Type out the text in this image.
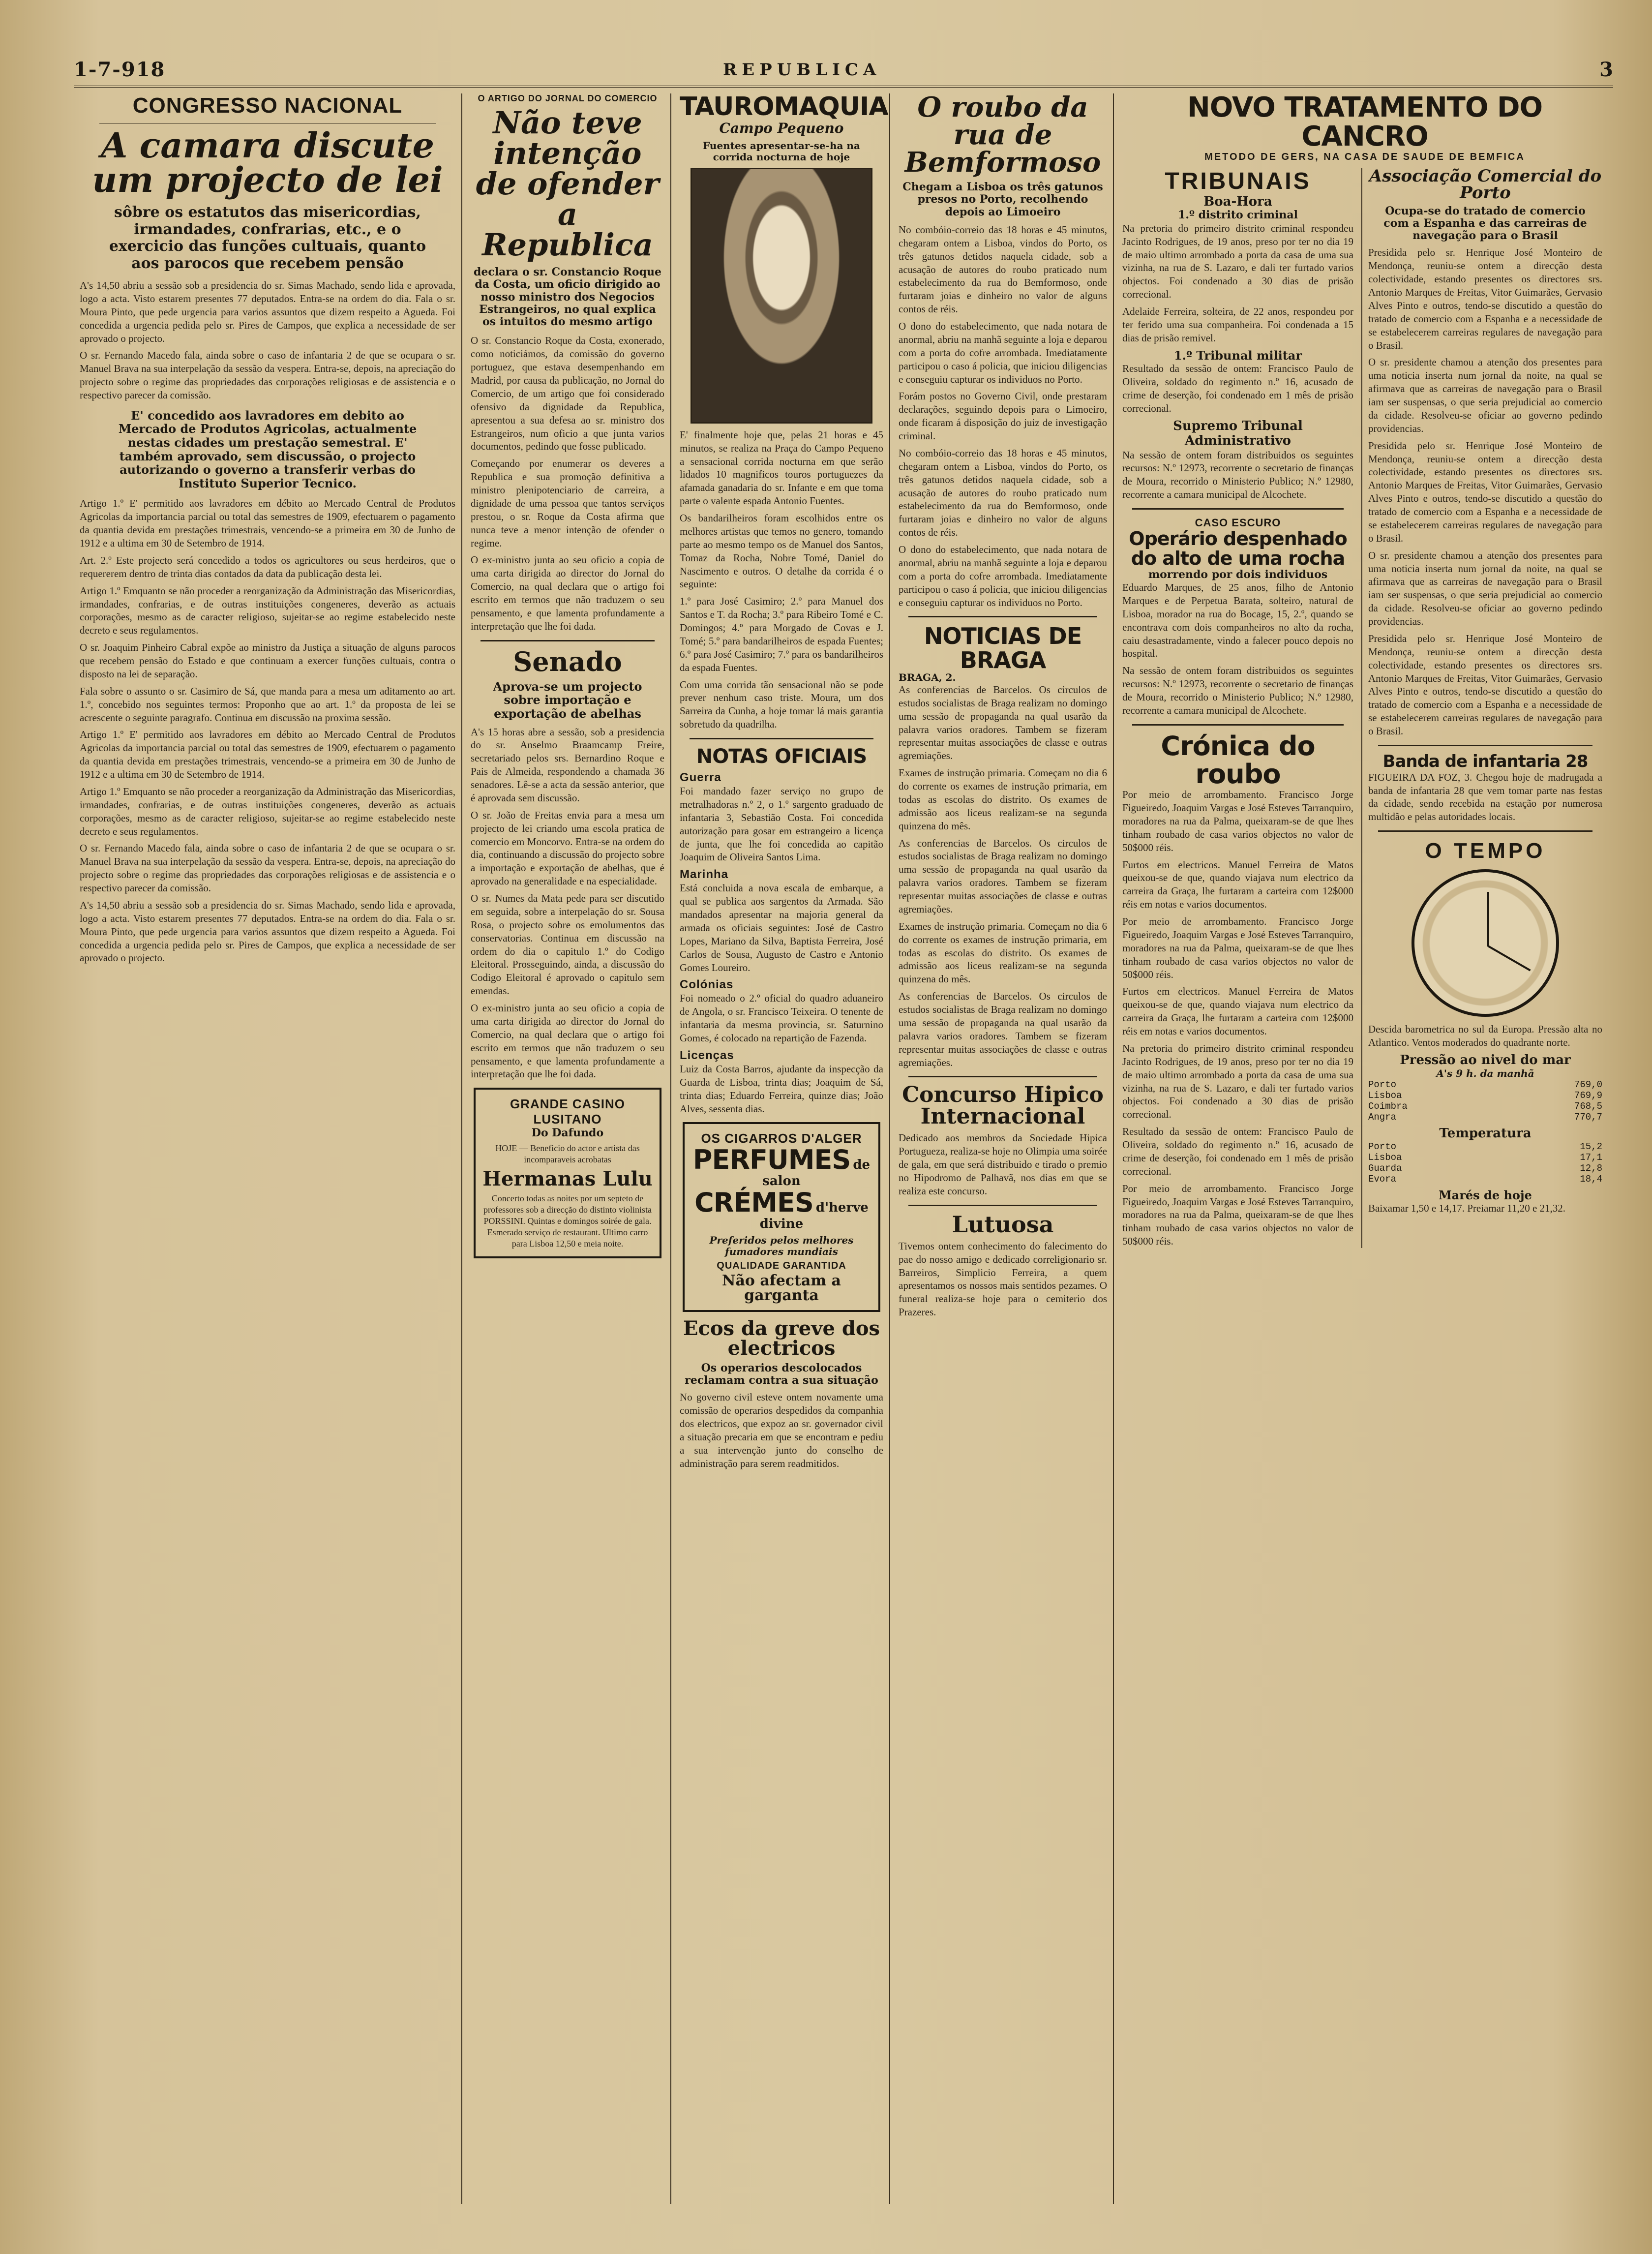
1-7-918	REPUBLICA	3
CONGRESSO NACIONAL
A camara discute um projecto de lei
sôbre os estatutos das misericordias, irmandades, confrarias, etc., e o exercicio das funções cultuais, quanto aos parocos que recebem pensão
A's 14,50 abriu a sessão sob a presidencia do sr. Simas Machado, sendo lida e aprovada, logo a acta. Visto estarem presentes 77 deputados. Entra-se na ordem do dia. Fala o sr. Moura Pinto, que pede urgencia para varios assuntos que dizem respeito a Agueda. Foi concedida a urgencia pedida pelo sr. Pires de Campos, que explica a necessidade de ser aprovado o projecto.
O sr. Fernando Macedo fala, ainda sobre o caso de infantaria 2 de que se ocupara o sr. Manuel Brava na sua interpelação da sessão da vespera. Entra-se, depois, na apreciação do projecto sobre o regime das propriedades das corporações religiosas e de assistencia e o respectivo parecer da comissão.
E' concedido aos lavradores em debito ao Mercado de Produtos Agricolas, actualmente nestas cidades um prestação semestral. E' também aprovado, sem discussão, o projecto autorizando o governo a transferir verbas do Instituto Superior Tecnico.
Artigo 1.º E' permitido aos lavradores em débito ao Mercado Central de Produtos Agricolas da importancia parcial ou total das semestres de 1909, efectuarem o pagamento da quantia devida em prestações trimestrais, vencendo-se a primeira em 30 de Junho de 1912 e a ultima em 30 de Setembro de 1914.
Art. 2.º Este projecto será concedido a todos os agricultores ou seus herdeiros, que o requererem dentro de trinta dias contados da data da publicação desta lei.
Artigo 1.º Emquanto se não proceder a reorganização da Administração das Misericordias, irmandades, confrarias, e de outras instituições congeneres, deverão as actuais corporações, mesmo as de caracter religioso, sujeitar-se ao regime estabelecido neste decreto e seus regulamentos.
O sr. Joaquim Pinheiro Cabral expõe ao ministro da Justiça a situação de alguns parocos que recebem pensão do Estado e que continuam a exercer funções cultuais, contra o disposto na lei de separação.
Fala sobre o assunto o sr. Casimiro de Sá, que manda para a mesa um aditamento ao art. 1.º, concebido nos seguintes termos: Proponho que ao art. 1.º da proposta de lei se acrescente o seguinte paragrafo. Continua em discussão na proxima sessão.
Artigo 1.º E' permitido aos lavradores em débito ao Mercado Central de Produtos Agricolas da importancia parcial ou total das semestres de 1909, efectuarem o pagamento da quantia devida em prestações trimestrais, vencendo-se a primeira em 30 de Junho de 1912 e a ultima em 30 de Setembro de 1914.
Artigo 1.º Emquanto se não proceder a reorganização da Administração das Misericordias, irmandades, confrarias, e de outras instituições congeneres, deverão as actuais corporações, mesmo as de caracter religioso, sujeitar-se ao regime estabelecido neste decreto e seus regulamentos.
O sr. Fernando Macedo fala, ainda sobre o caso de infantaria 2 de que se ocupara o sr. Manuel Brava na sua interpelação da sessão da vespera. Entra-se, depois, na apreciação do projecto sobre o regime das propriedades das corporações religiosas e de assistencia e o respectivo parecer da comissão.
A's 14,50 abriu a sessão sob a presidencia do sr. Simas Machado, sendo lida e aprovada, logo a acta. Visto estarem presentes 77 deputados. Entra-se na ordem do dia. Fala o sr. Moura Pinto, que pede urgencia para varios assuntos que dizem respeito a Agueda. Foi concedida a urgencia pedida pelo sr. Pires de Campos, que explica a necessidade de ser aprovado o projecto.
O ARTIGO DO JORNAL DO COMERCIO
Não teve intenção de ofender a Republica
declara o sr. Constancio Roque da Costa, um oficio dirigido ao nosso ministro dos Negocios Estrangeiros, no qual explica os intuitos do mesmo artigo
O sr. Constancio Roque da Costa, exonerado, como noticiámos, da comissão do governo portuguez, que estava desempenhando em Madrid, por causa da publicação, no Jornal do Comercio, de um artigo que foi considerado ofensivo da dignidade da Republica, apresentou a sua defesa ao sr. ministro dos Estrangeiros, num oficio a que junta varios documentos, pedindo que fosse publicado.
Começando por enumerar os deveres a Republica e sua promoção definitiva a ministro plenipotenciario de carreira, a dignidade de uma pessoa que tantos serviços prestou, o sr. Roque da Costa afirma que nunca teve a menor intenção de ofender o regime.
O ex-ministro junta ao seu oficio a copia de uma carta dirigida ao director do Jornal do Comercio, na qual declara que o artigo foi escrito em termos que não traduzem o seu pensamento, e que lamenta profundamente a interpretação que lhe foi dada.
Senado
Aprova-se um projecto sobre importação e exportação de abelhas
A's 15 horas abre a sessão, sob a presidencia do sr. Anselmo Braamcamp Freire, secretariado pelos srs. Bernardino Roque e Pais de Almeida, respondendo a chamada 36 senadores. Lê-se a acta da sessão anterior, que é aprovada sem discussão.
O sr. João de Freitas envia para a mesa um projecto de lei criando uma escola pratica de comercio em Moncorvo. Entra-se na ordem do dia, continuando a discussão do projecto sobre a importação e exportação de abelhas, que é aprovado na generalidade e na especialidade.
O sr. Numes da Mata pede para ser discutido em seguida, sobre a interpelação do sr. Sousa Rosa, o projecto sobre os emolumentos das conservatorias. Continua em discussão na ordem do dia o capitulo 1.º do Codigo Eleitoral. Prosseguindo, ainda, a discussão do Codigo Eleitoral é aprovado o capitulo sem emendas.
O ex-ministro junta ao seu oficio a copia de uma carta dirigida ao director do Jornal do Comercio, na qual declara que o artigo foi escrito em termos que não traduzem o seu pensamento, e que lamenta profundamente a interpretação que lhe foi dada.
GRANDE CASINO LUSITANO
Do Dafundo
HOJE — Beneficio do actor e artista das incomparaveis acrobatas
Hermanas Lulu
Concerto todas as noites por um septeto de professores sob a direcção do distinto violinista PORSSINI. Quintas e domingos soirée de gala. Esmerado serviço de restaurant. Ultimo carro para Lisboa 12,50 e meia noite.
TAUROMAQUIA
Campo Pequeno
Fuentes apresentar-se-ha na corrida nocturna de hoje
E' finalmente hoje que, pelas 21 horas e 45 minutos, se realiza na Praça do Campo Pequeno a sensacional corrida nocturna em que serão lidados 10 magnificos touros portuguezes da afamada ganadaria do sr. Infante e em que toma parte o valente espada Antonio Fuentes.
Os bandarilheiros foram escolhidos entre os melhores artistas que temos no genero, tomando parte ao mesmo tempo os de Manuel dos Santos, Tomaz da Rocha, Nobre Tomé, Daniel do Nascimento e outros. O detalhe da corrida é o seguinte:
1.º para José Casimiro; 2.º para Manuel dos Santos e T. da Rocha; 3.º para Ribeiro Tomé e C. Domingos; 4.º para Morgado de Covas e J. Tomé; 5.º para bandarilheiros de espada Fuentes; 6.º para José Casimiro; 7.º para os bandarilheiros da espada Fuentes.
Com uma corrida tão sensacional não se pode prever nenhum caso triste. Moura, um dos Sarreira da Cunha, a hoje tomar lá mais garantia sobretudo da quadrilha.
NOTAS OFICIAIS
Guerra
Foi mandado fazer serviço no grupo de metralhadoras n.º 2, o 1.º sargento graduado de infantaria 3, Sebastião Costa. Foi concedida autorização para gosar em estrangeiro a licença de junta, que lhe foi concedida ao capitão Joaquim de Oliveira Santos Lima.
Marinha
Está concluida a nova escala de embarque, a qual se publica aos sargentos da Armada. São mandados apresentar na majoria general da armada os oficiais seguintes: José de Castro Lopes, Mariano da Silva, Baptista Ferreira, José Carlos de Sousa, Augusto de Castro e Antonio Gomes Loureiro.
Colónias
Foi nomeado o 2.º oficial do quadro aduaneiro de Angola, o sr. Francisco Teixeira. O tenente de infantaria da mesma provincia, sr. Saturnino Gomes, é colocado na repartição de Fazenda.
Licenças
Luiz da Costa Barros, ajudante da inspecção da Guarda de Lisboa, trinta dias; Joaquim de Sá, trinta dias; Eduardo Ferreira, quinze dias; João Alves, sessenta dias.
OS CIGARROS D'ALGER
PERFUMES de salon
CRÉMES d'herve divine
Preferidos pelos melhores fumadores mundiais
QUALIDADE GARANTIDA
Não afectam a garganta
Ecos da greve dos electricos
Os operarios descolocados reclamam contra a sua situação
No governo civil esteve ontem novamente uma comissão de operarios despedidos da companhia dos electricos, que expoz ao sr. governador civil a situação precaria em que se encontram e pediu a sua intervenção junto do conselho de administração para serem readmitidos.
O roubo da rua de Bemformoso
Chegam a Lisboa os três gatunos presos no Porto, recolhendo depois ao Limoeiro
No combóio-correio das 18 horas e 45 minutos, chegaram ontem a Lisboa, vindos do Porto, os três gatunos detidos naquela cidade, sob a acusação de autores do roubo praticado num estabelecimento da rua do Bemformoso, onde furtaram joias e dinheiro no valor de alguns contos de réis.
O dono do estabelecimento, que nada notara de anormal, abriu na manhã seguinte a loja e deparou com a porta do cofre arrombada. Imediatamente participou o caso á policia, que iniciou diligencias e conseguiu capturar os individuos no Porto.
Forám postos no Governo Civil, onde prestaram declarações, seguindo depois para o Limoeiro, onde ficaram á disposição do juiz de investigação criminal.
No combóio-correio das 18 horas e 45 minutos, chegaram ontem a Lisboa, vindos do Porto, os três gatunos detidos naquela cidade, sob a acusação de autores do roubo praticado num estabelecimento da rua do Bemformoso, onde furtaram joias e dinheiro no valor de alguns contos de réis.
O dono do estabelecimento, que nada notara de anormal, abriu na manhã seguinte a loja e deparou com a porta do cofre arrombada. Imediatamente participou o caso á policia, que iniciou diligencias e conseguiu capturar os individuos no Porto.
NOTICIAS DE BRAGA
BRAGA, 2.
As conferencias de Barcelos. Os circulos de estudos socialistas de Braga realizam no domingo uma sessão de propaganda na qual usarão da palavra varios oradores. Tambem se fizeram representar muitas associações de classe e outras agremiações.
Exames de instrução primaria. Começam no dia 6 do corrente os exames de instrução primaria, em todas as escolas do distrito. Os exames de admissão aos liceus realizam-se na segunda quinzena do mês.
As conferencias de Barcelos. Os circulos de estudos socialistas de Braga realizam no domingo uma sessão de propaganda na qual usarão da palavra varios oradores. Tambem se fizeram representar muitas associações de classe e outras agremiações.
Exames de instrução primaria. Começam no dia 6 do corrente os exames de instrução primaria, em todas as escolas do distrito. Os exames de admissão aos liceus realizam-se na segunda quinzena do mês.
As conferencias de Barcelos. Os circulos de estudos socialistas de Braga realizam no domingo uma sessão de propaganda na qual usarão da palavra varios oradores. Tambem se fizeram representar muitas associações de classe e outras agremiações.
Concurso Hipico Internacional
Dedicado aos membros da Sociedade Hipica Portugueza, realiza-se hoje no Olimpia uma soirée de gala, em que será distribuido e tirado o premio no Hipodromo de Palhavã, nos dias em que se realiza este concurso.
Lutuosa
Tivemos ontem conhecimento do falecimento do pae do nosso amigo e dedicado correligionario sr. Barreiros, Simplicio Ferreira, a quem apresentamos os nossos mais sentidos pezames. O funeral realiza-se hoje para o cemiterio dos Prazeres.
NOVO TRATAMENTO DO CANCRO
METODO DE GERS, NA CASA DE SAUDE DE BEMFICA
TRIBUNAIS
Boa-Hora
1.º distrito criminal
Na pretoria do primeiro distrito criminal respondeu Jacinto Rodrigues, de 19 anos, preso por ter no dia 19 de maio ultimo arrombado a porta da casa de uma sua vizinha, na rua de S. Lazaro, e dali ter furtado varios objectos. Foi condenado a 30 dias de prisão correcional.
Adelaide Ferreira, solteira, de 22 anos, respondeu por ter ferido uma sua companheira. Foi condenada a 15 dias de prisão remivel.
1.º Tribunal militar
Resultado da sessão de ontem: Francisco Paulo de Oliveira, soldado do regimento n.º 16, acusado de crime de deserção, foi condenado em 1 mês de prisão correcional.
Supremo Tribunal Administrativo
Na sessão de ontem foram distribuidos os seguintes recursos: N.º 12973, recorrente o secretario de finanças de Moura, recorrido o Ministerio Publico; N.º 12980, recorrente a camara municipal de Alcochete.
CASO ESCURO
Operário despenhado do alto de uma rocha
morrendo por dois individuos
Eduardo Marques, de 25 anos, filho de Antonio Marques e de Perpetua Barata, solteiro, natural de Lisboa, morador na rua do Bocage, 15, 2.º, quando se encontrava com dois companheiros no alto da rocha, caiu desastradamente, vindo a falecer pouco depois no hospital.
Na sessão de ontem foram distribuidos os seguintes recursos: N.º 12973, recorrente o secretario de finanças de Moura, recorrido o Ministerio Publico; N.º 12980, recorrente a camara municipal de Alcochete.
Crónica do roubo
Por meio de arrombamento. Francisco Jorge Figueiredo, Joaquim Vargas e José Esteves Tarranquiro, moradores na rua da Palma, queixaram-se de que lhes tinham roubado de casa varios objectos no valor de 50$000 réis.
Furtos em electricos. Manuel Ferreira de Matos queixou-se de que, quando viajava num electrico da carreira da Graça, lhe furtaram a carteira com 12$000 réis em notas e varios documentos.
Por meio de arrombamento. Francisco Jorge Figueiredo, Joaquim Vargas e José Esteves Tarranquiro, moradores na rua da Palma, queixaram-se de que lhes tinham roubado de casa varios objectos no valor de 50$000 réis.
Furtos em electricos. Manuel Ferreira de Matos queixou-se de que, quando viajava num electrico da carreira da Graça, lhe furtaram a carteira com 12$000 réis em notas e varios documentos.
Na pretoria do primeiro distrito criminal respondeu Jacinto Rodrigues, de 19 anos, preso por ter no dia 19 de maio ultimo arrombado a porta da casa de uma sua vizinha, na rua de S. Lazaro, e dali ter furtado varios objectos. Foi condenado a 30 dias de prisão correcional.
Resultado da sessão de ontem: Francisco Paulo de Oliveira, soldado do regimento n.º 16, acusado de crime de deserção, foi condenado em 1 mês de prisão correcional.
Por meio de arrombamento. Francisco Jorge Figueiredo, Joaquim Vargas e José Esteves Tarranquiro, moradores na rua da Palma, queixaram-se de que lhes tinham roubado de casa varios objectos no valor de 50$000 réis.
Associação Comercial do Porto
Ocupa-se do tratado de comercio com a Espanha e das carreiras de navegação para o Brasil
Presidida pelo sr. Henrique José Monteiro de Mendonça, reuniu-se ontem a direcção desta colectividade, estando presentes os directores srs. Antonio Marques de Freitas, Vitor Guimarães, Gervasio Alves Pinto e outros, tendo-se discutido a questão do tratado de comercio com a Espanha e a necessidade de se estabelecerem carreiras regulares de navegação para o Brasil.
O sr. presidente chamou a atenção dos presentes para uma noticia inserta num jornal da noite, na qual se afirmava que as carreiras de navegação para o Brasil iam ser suspensas, o que seria prejudicial ao comercio da cidade. Resolveu-se oficiar ao governo pedindo providencias.
Presidida pelo sr. Henrique José Monteiro de Mendonça, reuniu-se ontem a direcção desta colectividade, estando presentes os directores srs. Antonio Marques de Freitas, Vitor Guimarães, Gervasio Alves Pinto e outros, tendo-se discutido a questão do tratado de comercio com a Espanha e a necessidade de se estabelecerem carreiras regulares de navegação para o Brasil.
O sr. presidente chamou a atenção dos presentes para uma noticia inserta num jornal da noite, na qual se afirmava que as carreiras de navegação para o Brasil iam ser suspensas, o que seria prejudicial ao comercio da cidade. Resolveu-se oficiar ao governo pedindo providencias.
Presidida pelo sr. Henrique José Monteiro de Mendonça, reuniu-se ontem a direcção desta colectividade, estando presentes os directores srs. Antonio Marques de Freitas, Vitor Guimarães, Gervasio Alves Pinto e outros, tendo-se discutido a questão do tratado de comercio com a Espanha e a necessidade de se estabelecerem carreiras regulares de navegação para o Brasil.
Banda de infantaria 28
FIGUEIRA DA FOZ, 3. Chegou hoje de madrugada a banda de infantaria 28 que vem tomar parte nas festas da cidade, sendo recebida na estação por numerosa multidão e pelas autoridades locais.
O TEMPO
Descida barometrica no sul da Europa. Pressão alta no Atlantico. Ventos moderados do quadrante norte.
Pressão ao nivel do mar
A's 9 h. da manhã
Porto	769,0
Lisboa	769,9
Coimbra	768,5
Angra	770,7
Temperatura
Porto	15,2
Lisboa	17,1
Guarda	12,8
Evora	18,4
Marés de hoje
Baixamar 1,50 e 14,17. Preiamar 11,20 e 21,32.
